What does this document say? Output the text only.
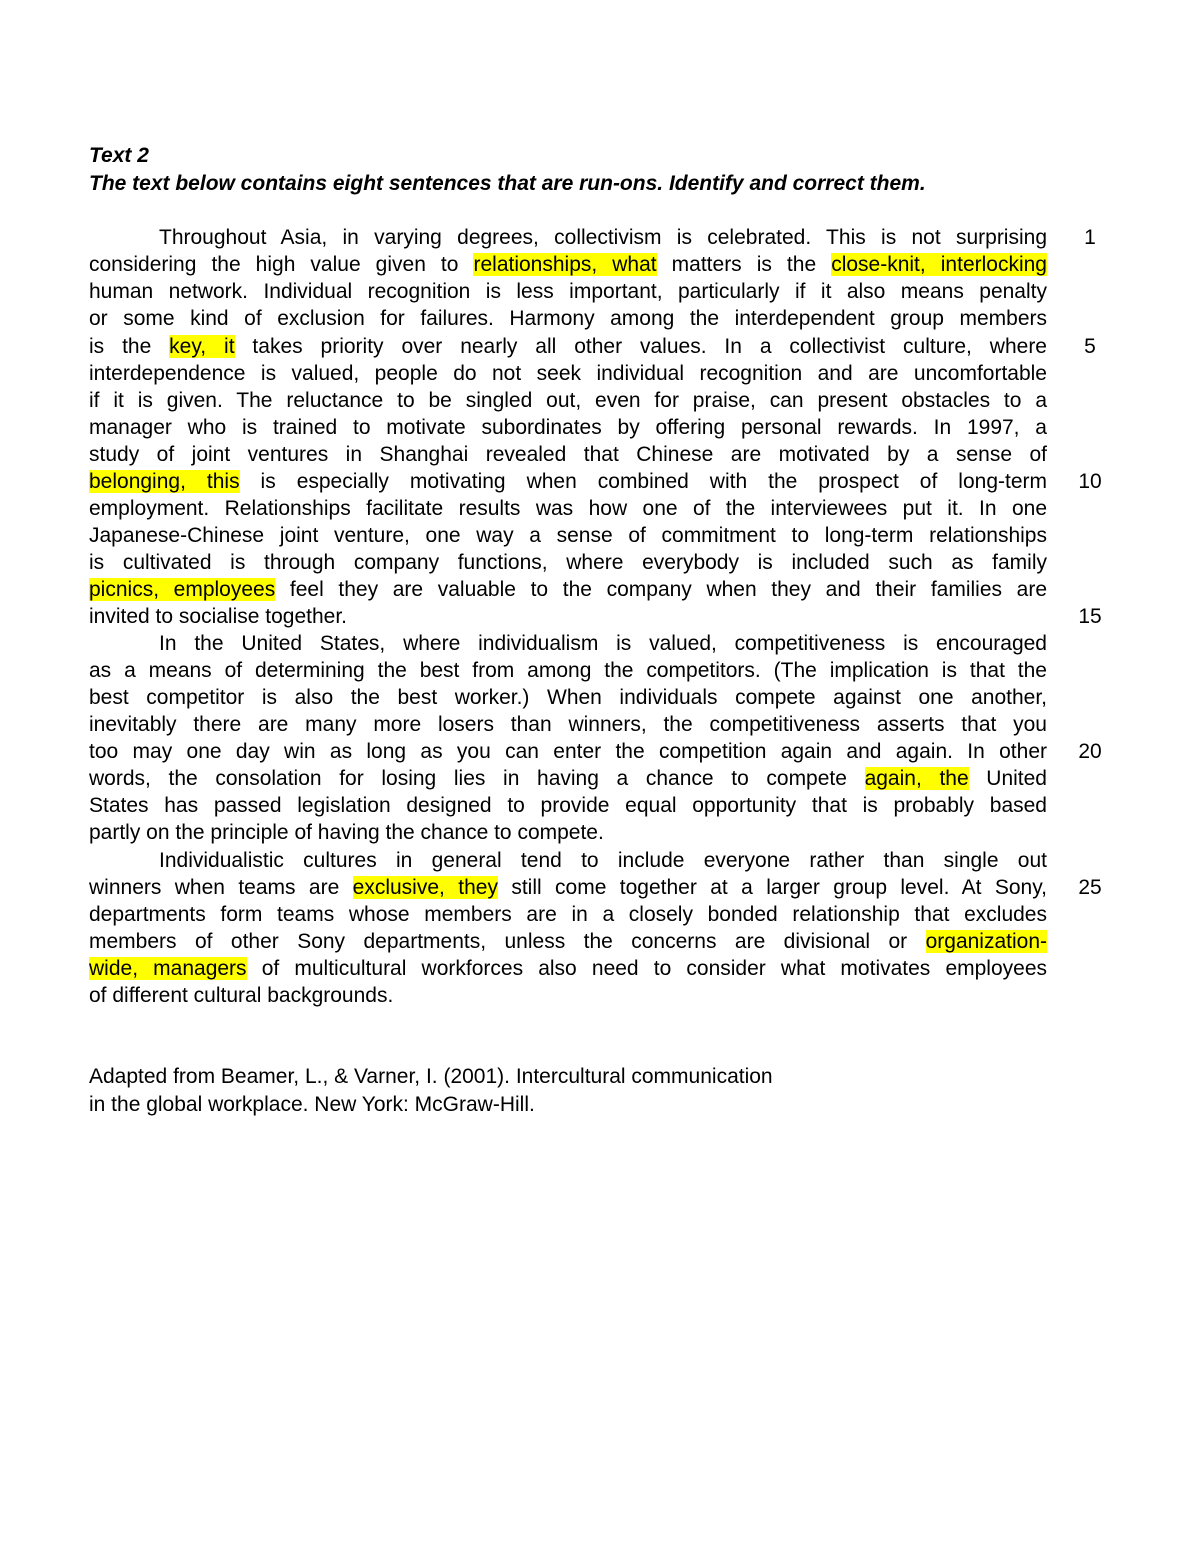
Text 2
The text below contains eight sentences that are run-ons. Identify and correct them.
Throughout Asia, in varying degrees, collectivism is celebrated. This is not surprising
considering the high value given to relationships, what matters is the close-knit, interlocking
human network. Individual recognition is less important, particularly if it also means penalty
or some kind of exclusion for failures. Harmony among the interdependent group members
is the key, it takes priority over nearly all other values. In a collectivist culture, where
interdependence is valued, people do not seek individual recognition and are uncomfortable
if it is given. The reluctance to be singled out, even for praise, can present obstacles to a
manager who is trained to motivate subordinates by offering personal rewards. In 1997, a
study of joint ventures in Shanghai revealed that Chinese are motivated by a sense of
belonging, this is especially motivating when combined with the prospect of long-term
employment. Relationships facilitate results was how one of the interviewees put it. In one
Japanese-Chinese joint venture, one way a sense of commitment to long-term relationships
is cultivated is through company functions, where everybody is included such as family
picnics, employees feel they are valuable to the company when they and their families are
invited to socialise together.
In the United States, where individualism is valued, competitiveness is encouraged
as a means of determining the best from among the competitors. (The implication is that the
best competitor is also the best worker.) When individuals compete against one another,
inevitably there are many more losers than winners, the competitiveness asserts that you
too may one day win as long as you can enter the competition again and again. In other
words, the consolation for losing lies in having a chance to compete again, the United
States has passed legislation designed to provide equal opportunity that is probably based
partly on the principle of having the chance to compete.
Individualistic cultures in general tend to include everyone rather than single out
winners when teams are exclusive, they still come together at a larger group level. At Sony,
departments form teams whose members are in a closely bonded relationship that excludes
members of other Sony departments, unless the concerns are divisional or organization-
wide, managers of multicultural workforces also need to consider what motivates employees
of different cultural backgrounds.
1
5
10
15
20
25
Adapted from Beamer, L., & Varner, I. (2001). Intercultural communication
in the global workplace. New York: McGraw-Hill.
